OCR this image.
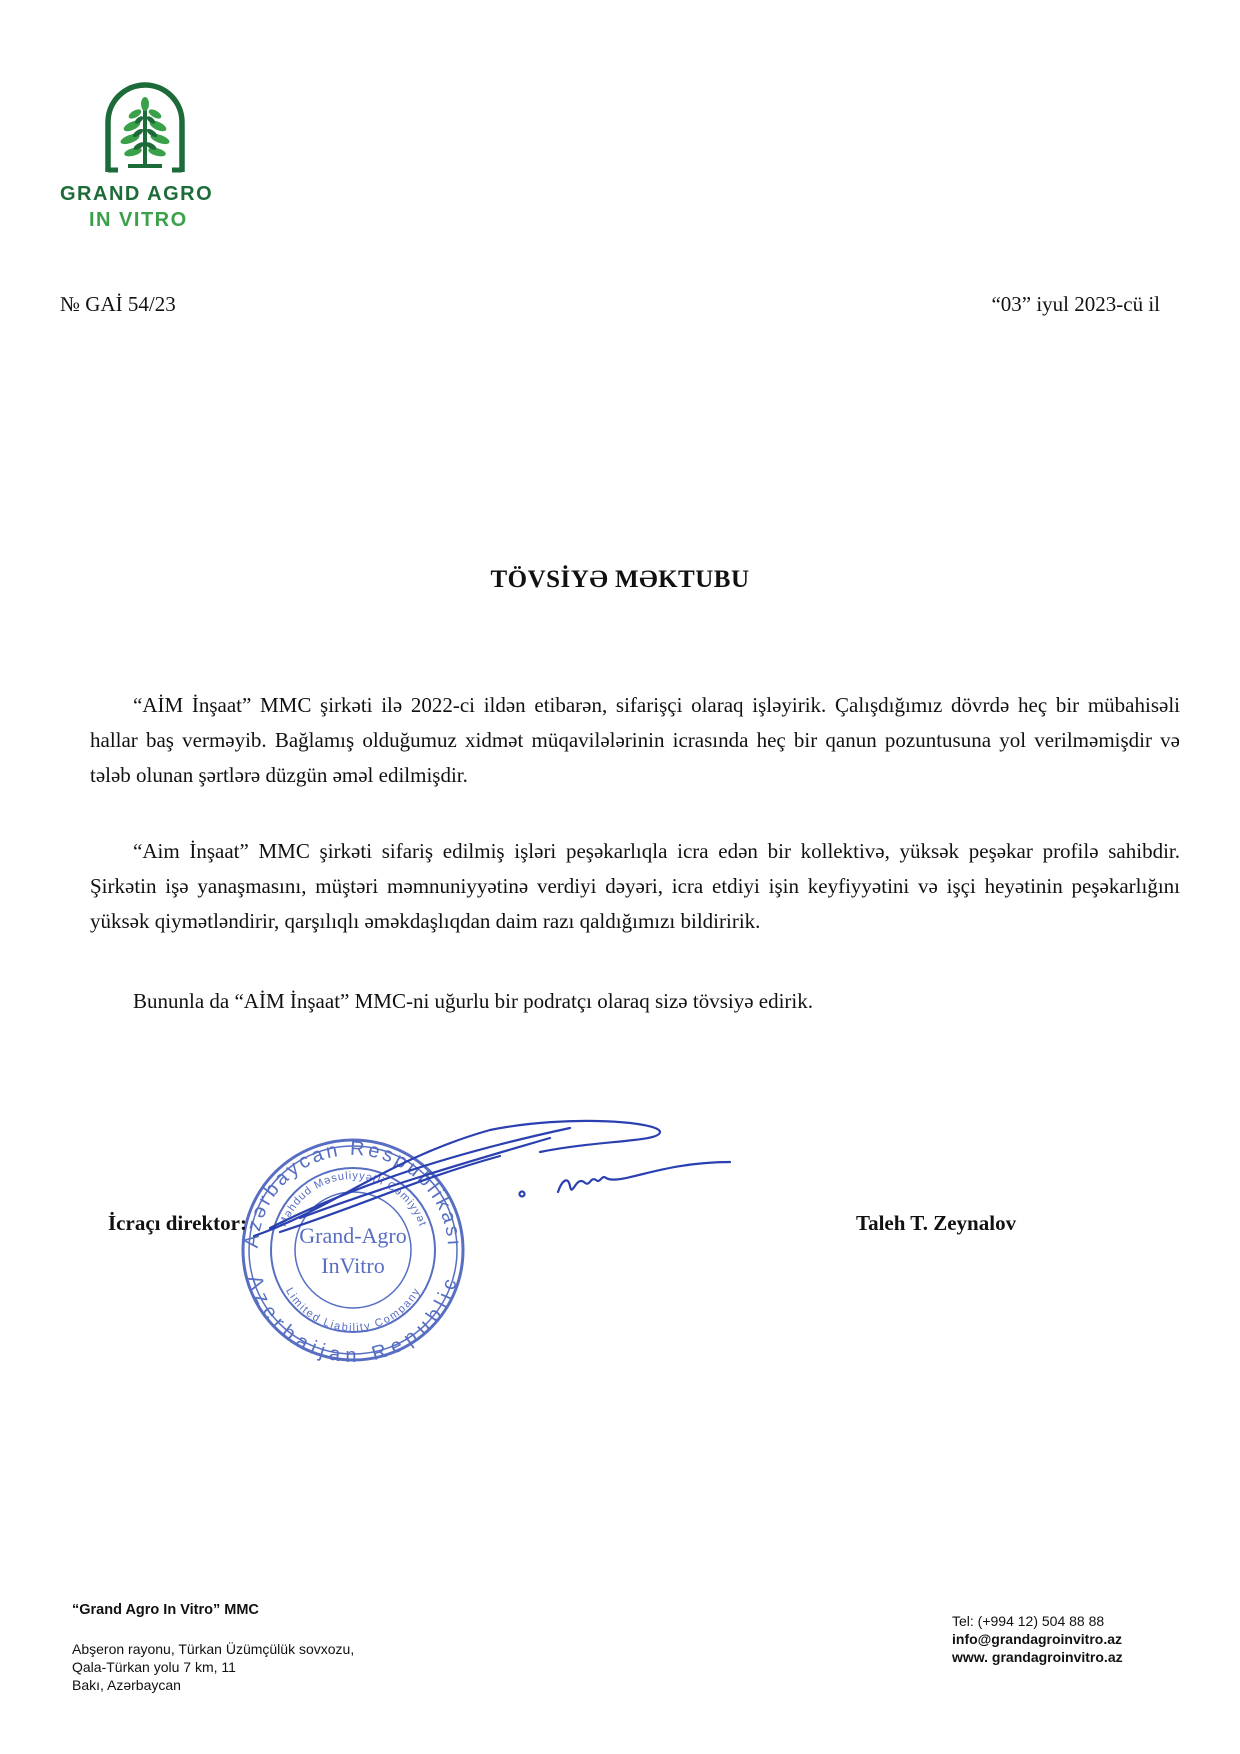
GRAND AGRO
IN VITRO
№ GAİ 54/23	“03” iyul 2023-cü il
TÖVSİYƏ MƏKTUBU
“AİM İnşaat” MMC şirkəti ilə 2022-ci ildən etibarən, sifarişçi olaraq işləyirik. Çalışdığımız dövrdə heç bir mübahisəli hallar baş verməyib. Bağlamış olduğumuz xidmət müqavilələrinin icrasında heç bir qanun pozuntusuna yol verilməmişdir və tələb olunan şərtlərə düzgün əməl edilmişdir.
“Aim İnşaat” MMC şirkəti sifariş edilmiş işləri peşəkarlıqla icra edən bir kollektivə, yüksək peşəkar profilə sahibdir. Şirkətin işə yanaşmasını, müştəri məmnuniyyətinə verdiyi dəyəri, icra etdiyi işin keyfiyyətini və işçi heyətinin peşəkarlığını yüksək qiymətləndirir, qarşılıqlı əməkdaşlıqdan daim razı qaldığımızı bildiririk.
Bununla da “AİM İnşaat” MMC-ni uğurlu bir podratçı olaraq sizə tövsiyə edirik.
Azərbaycan Respublikası
Azerbaijan Republic
Məhdud Məsuliyyətli Cəmiyyət
Limited Liability Company
Grand-Agro
InVitro
İcraçı direktor:	Taleh T. Zeynalov
“Grand Agro In Vitro” MMC
Abşeron rayonu, Türkan Üzümçülük sovxozu,
Qala-Türkan yolu 7 km, 11
Bakı, Azərbaycan
Tel: (+994 12) 504 88 88
info@grandagroinvitro.az
www. grandagroinvitro.az
